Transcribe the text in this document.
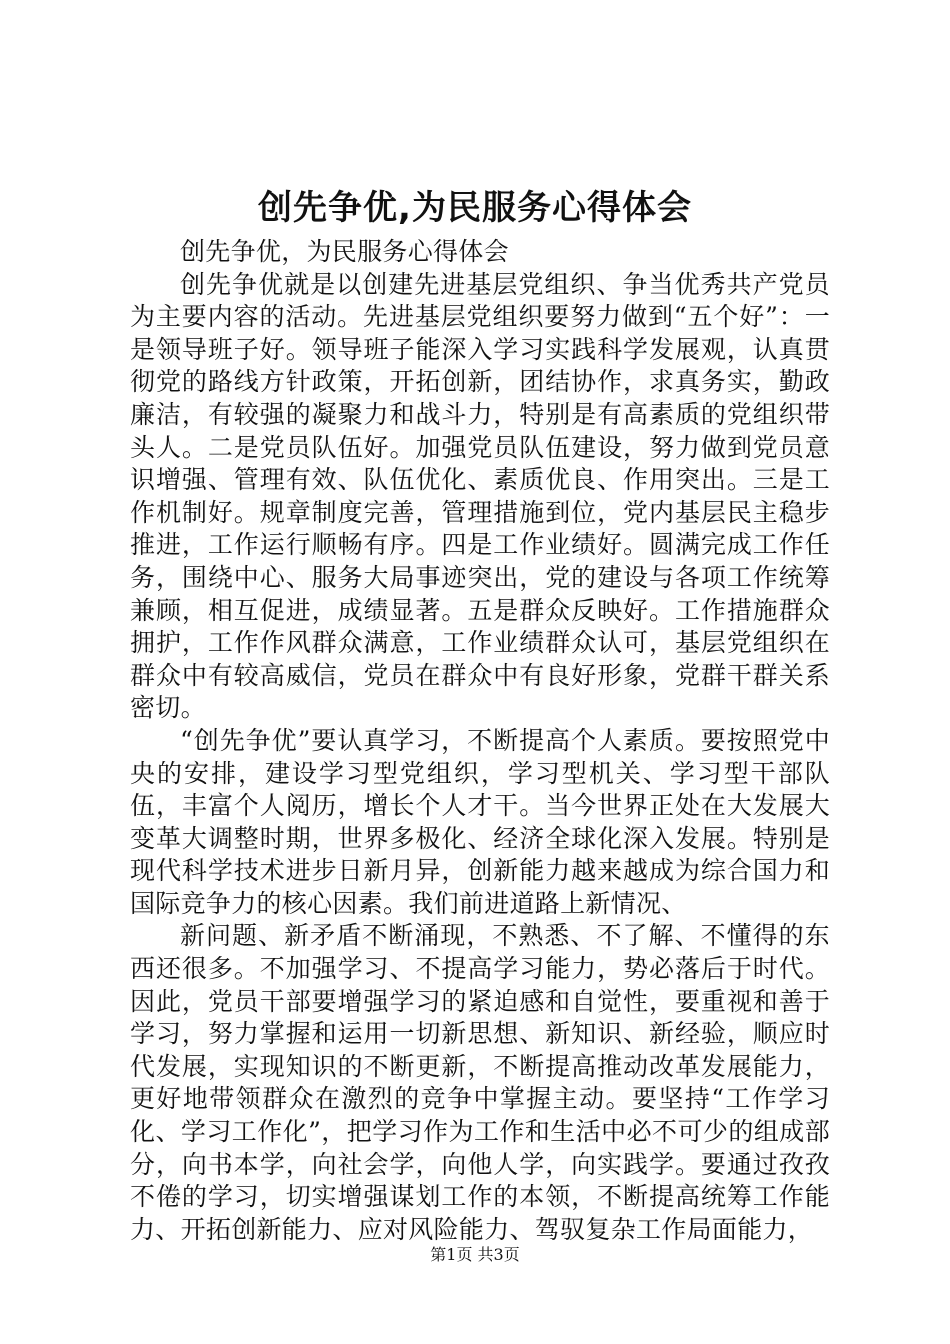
创先争优,为民服务心得体会

创先争优，为民服务心得体会

创先争优就是以创建先进基层党组织、争当优秀共产党员为主要内容的活动。先进基层党组织要努力做到“五个好”：一是领导班子好。领导班子能深入学习实践科学发展观，认真贯彻党的路线方针政策，开拓创新，团结协作，求真务实，勤政廉洁，有较强的凝聚力和战斗力，特别是有高素质的党组织带头人。二是党员队伍好。加强党员队伍建设，努力做到党员意识增强、管理有效、队伍优化、素质优良、作用突出。三是工作机制好。规章制度完善，管理措施到位，党内基层民主稳步推进，工作运行顺畅有序。四是工作业绩好。圆满完成工作任务，围绕中心、服务大局事迹突出，党的建设与各项工作统筹兼顾，相互促进，成绩显著。五是群众反映好。工作措施群众拥护，工作作风群众满意，工作业绩群众认可，基层党组织在群众中有较高威信，党员在群众中有良好形象，党群干群关系密切。

“创先争优”要认真学习，不断提高个人素质。要按照党中央的安排，建设学习型党组织，学习型机关、学习型干部队伍，丰富个人阅历，增长个人才干。当今世界正处在大发展大变革大调整时期，世界多极化、经济全球化深入发展。特别是现代科学技术进步日新月异，创新能力越来越成为综合国力和国际竞争力的核心因素。我们前进道路上新情况、

新问题、新矛盾不断涌现，不熟悉、不了解、不懂得的东西还很多。不加强学习、不提高学习能力，势必落后于时代。因此，党员干部要增强学习的紧迫感和自觉性，要重视和善于学习，努力掌握和运用一切新思想、新知识、新经验，顺应时代发展，实现知识的不断更新，不断提高推动改革发展能力，更好地带领群众在激烈的竞争中掌握主动。要坚持“工作学习化、学习工作化”，把学习作为工作和生活中必不可少的组成部分，向书本学，向社会学，向他人学，向实践学。要通过孜孜不倦的学习，切实增强谋划工作的本领，不断提高统筹工作能力、开拓创新能力、应对风险能力、驾驭复杂工作局面能力，

第1页 共3页
